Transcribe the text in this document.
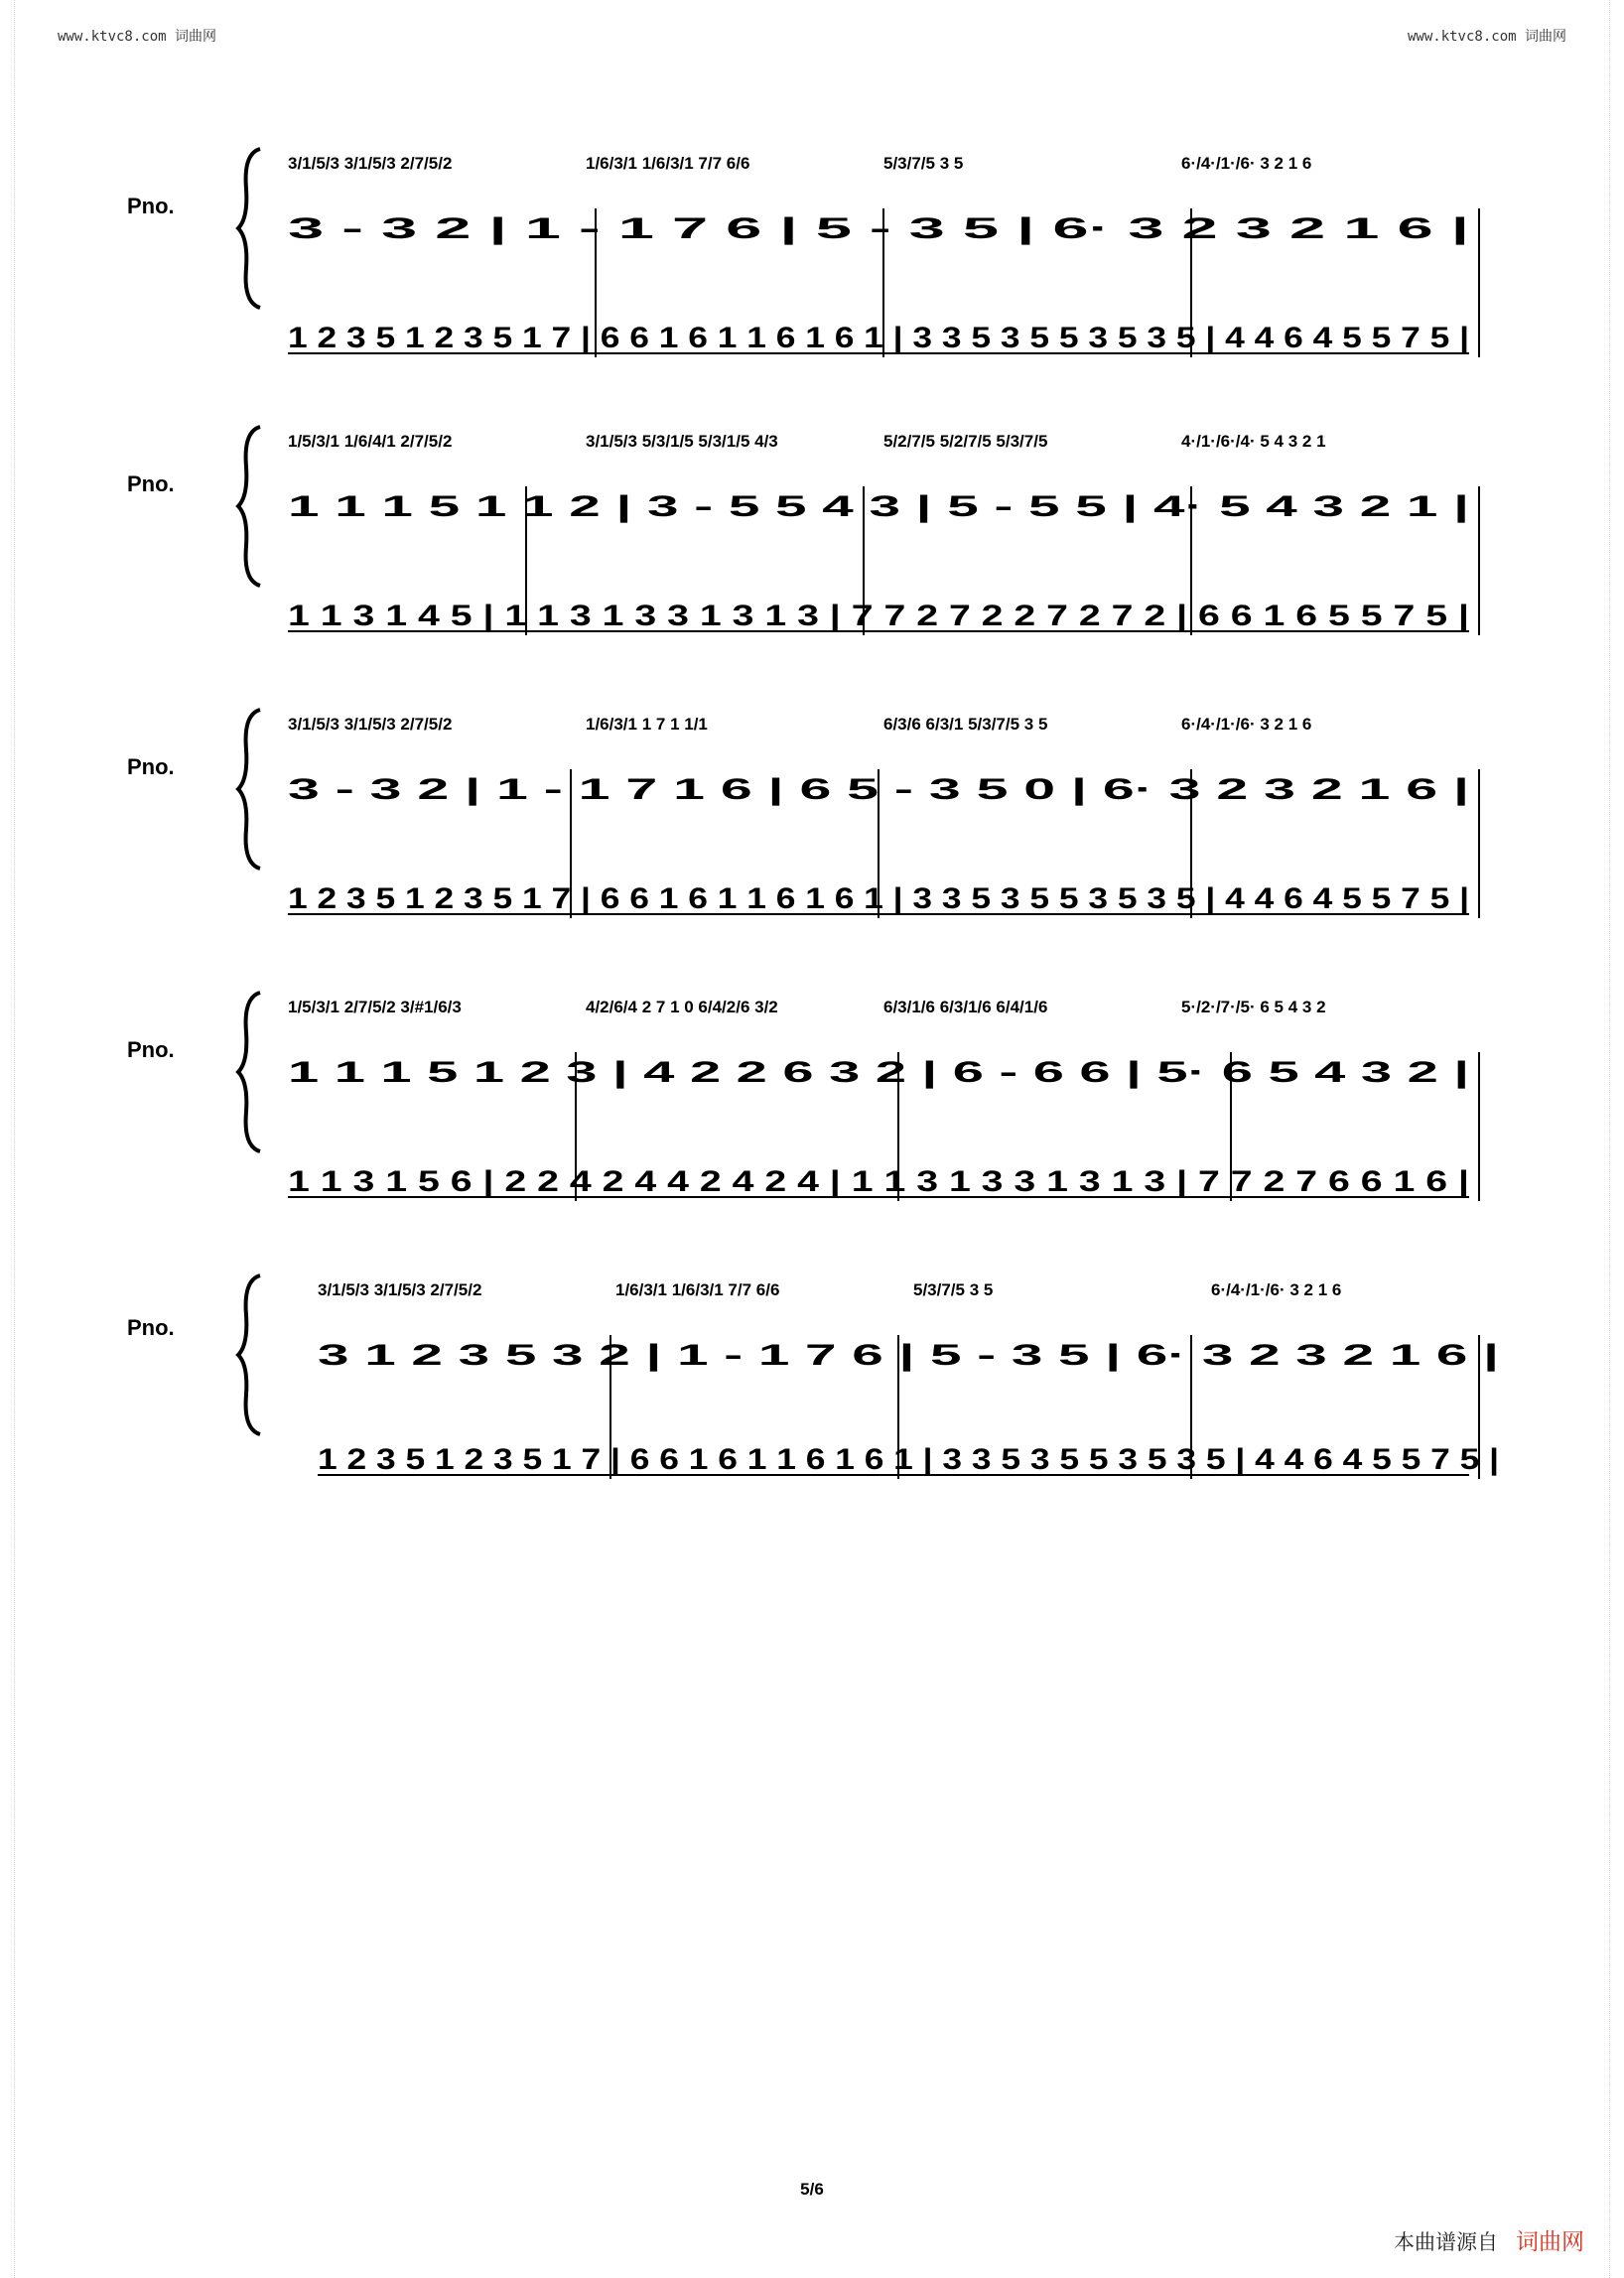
www.ktvc8.com 词曲网	www.ktvc8.com 词曲网
Pno.
3 - 3 2 | 1 - 1 7 6 | 5 - 3 5 | 6· 3 2 3 2 1 6 |
1 2 3 5 1 2 3 5 1 7 | 6 6 1 6 1 1 6 1 6 1 | 3 3 5 3 5 5 3 5 3 5 | 4 4 6 4 5 5 7 5 |
3/1/5/3 3/1/5/3 2/7/5/2	1/6/3/1 1/6/3/1 7/7 6/6	5/3/7/5 3 5	6·/4·/1·/6· 3 2 1 6
Pno.
1 1 1 5 1 1 2 | 3 - 5 5 4 3 | 5 - 5 5 | 4· 5 4 3 2 1 |
1 1 3 1 4 5 | 1 1 3 1 3 3 1 3 1 3 | 7 7 2 7 2 2 7 2 7 2 | 6 6 1 6 5 5 7 5 |
1/5/3/1 1/6/4/1 2/7/5/2	3/1/5/3 5/3/1/5 5/3/1/5 4/3	5/2/7/5 5/2/7/5 5/3/7/5	4·/1·/6·/4· 5 4 3 2 1
Pno.
3 - 3 2 | 1 - 1 7 1 6 | 6 5 - 3 5 0 | 6· 3 2 3 2 1 6 |
1 2 3 5 1 2 3 5 1 7 | 6 6 1 6 1 1 6 1 6 1 | 3 3 5 3 5 5 3 5 3 5 | 4 4 6 4 5 5 7 5 |
3/1/5/3 3/1/5/3 2/7/5/2	1/6/3/1 1 7 1 1/1	6/3/6 6/3/1 5/3/7/5 3 5	6·/4·/1·/6· 3 2 1 6
Pno.
1 1 1 5 1 2 3 | 4 2 2 6 3 2 | 6 - 6 6 | 5· 6 5 4 3 2 |
1 1 3 1 5 6 | 2 2 4 2 4 4 2 4 2 4 | 1 1 3 1 3 3 1 3 1 3 | 7 7 2 7 6 6 1 6 |
1/5/3/1 2/7/5/2 3/#1/6/3	4/2/6/4 2 7 1 0 6/4/2/6 3/2	6/3/1/6 6/3/1/6 6/4/1/6	5·/2·/7·/5· 6 5 4 3 2
Pno.
3 1 2 3 5 3 2 | 1 - 1 7 6 | 5 - 3 5 | 6· 3 2 3 2 1 6 |
1 2 3 5 1 2 3 5 1 7 | 6 6 1 6 1 1 6 1 6 1 | 3 3 5 3 5 5 3 5 3 5 | 4 4 6 4 5 5 7 5 |
3/1/5/3 3/1/5/3 2/7/5/2	1/6/3/1 1/6/3/1 7/7 6/6	5/3/7/5 3 5	6·/4·/1·/6· 3 2 1 6
5/6
本曲谱源自 词曲网
